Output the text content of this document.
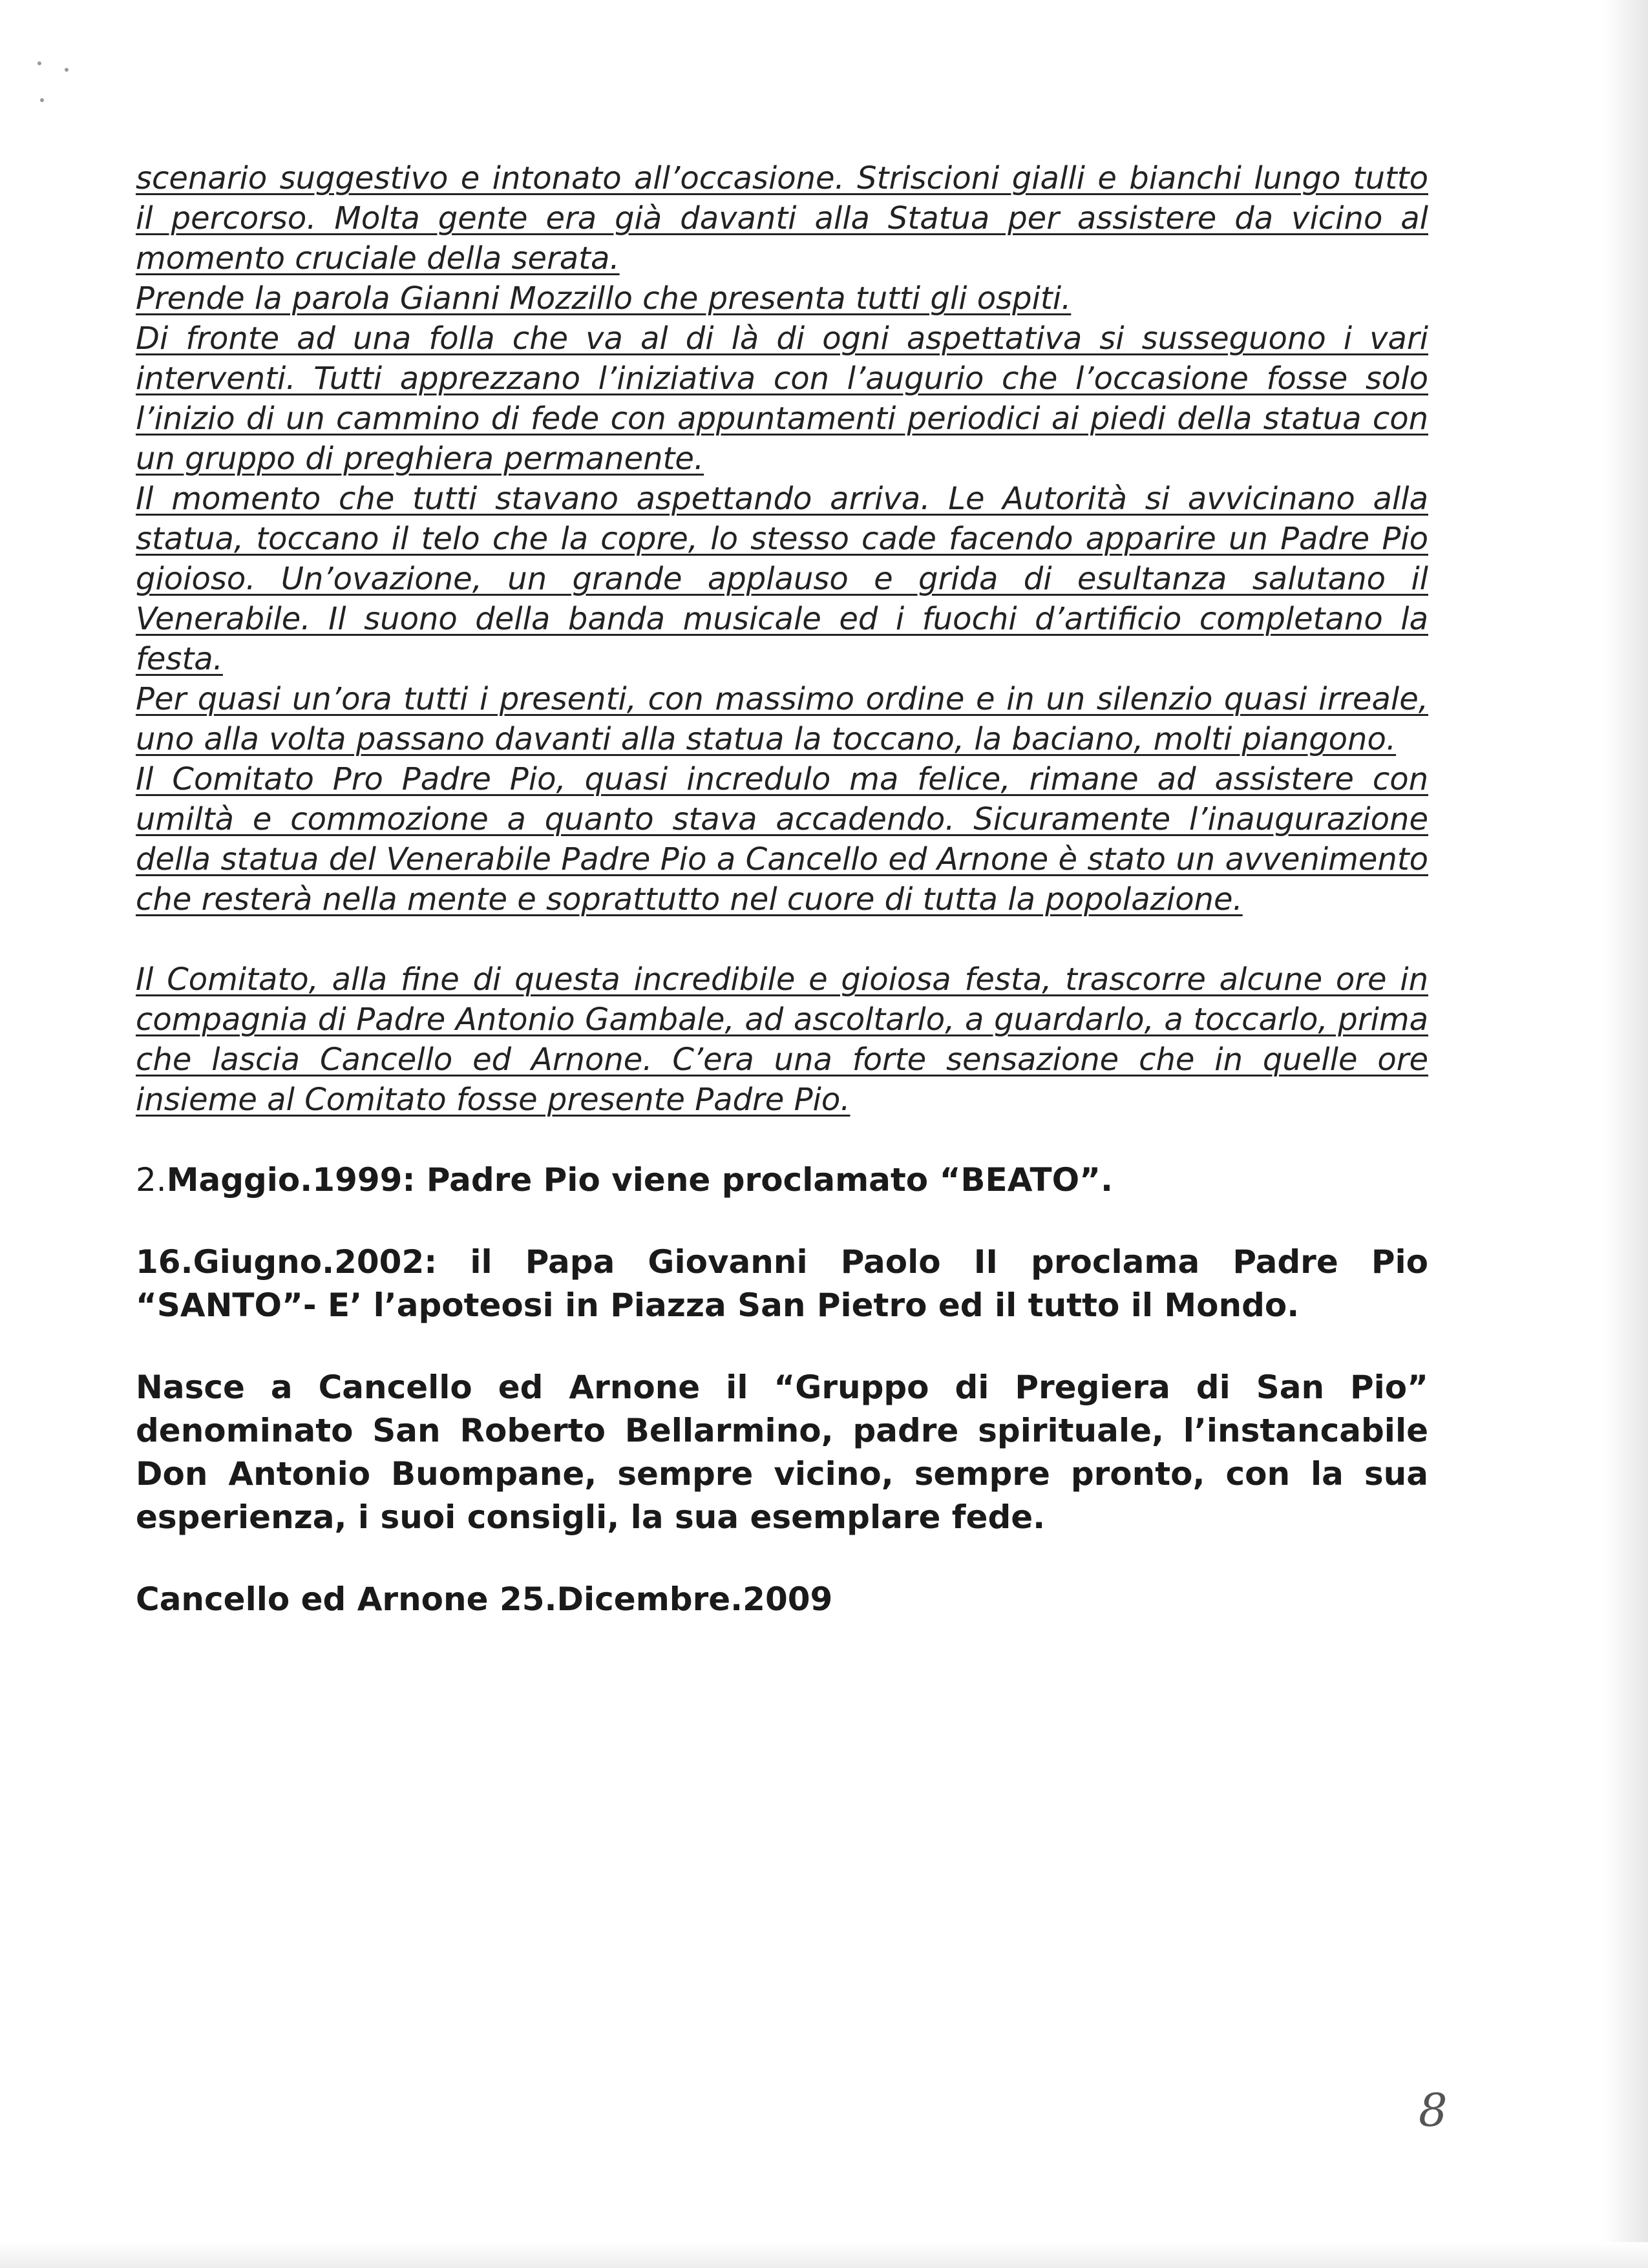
scenario suggestivo e intonato all’occasione. Striscioni gialli e bianchi lungo tutto il percorso. Molta gente era già davanti alla Statua per assistere da vicino al momento cruciale della serata.

Prende la parola Gianni Mozzillo che presenta tutti gli ospiti.

Di fronte ad una folla che va al di là di ogni aspettativa si susseguono i vari interventi. Tutti apprezzano l’iniziativa con l’augurio che l’occasione fosse solo l’inizio di un cammino di fede con appuntamenti periodici ai piedi della statua con un gruppo di preghiera permanente.

Il momento che tutti stavano aspettando arriva. Le Autorità si avvicinano alla statua, toccano il telo che la copre, lo stesso cade facendo apparire un Padre Pio gioioso. Un’ovazione, un grande applauso e grida di esultanza salutano il Venerabile. Il suono della banda musicale ed i fuochi d’artificio completano la festa.

Per quasi un’ora tutti i presenti, con massimo ordine e in un silenzio quasi irreale, uno alla volta passano davanti alla statua la toccano, la baciano, molti piangono.

Il Comitato Pro Padre Pio, quasi incredulo ma felice, rimane ad assistere con umiltà e commozione a quanto stava accadendo. Sicuramente l’inaugurazione della statua del Venerabile Padre Pio a Cancello ed Arnone è stato un avvenimento che resterà nella mente e soprattutto nel cuore di tutta la popolazione.

Il Comitato, alla fine di questa incredibile e gioiosa festa, trascorre alcune ore in compagnia di Padre Antonio Gambale, ad ascoltarlo, a guardarlo, a toccarlo, prima che lascia Cancello ed Arnone. C’era una forte sensazione che in quelle ore insieme al Comitato fosse presente Padre Pio.

2.Maggio.1999: Padre Pio viene proclamato “BEATO”.

16.Giugno.2002: il Papa Giovanni Paolo II proclama Padre Pio “SANTO”- E’ l’apoteosi in Piazza San Pietro ed il tutto il Mondo.

Nasce a Cancello ed Arnone il “Gruppo di Pregiera di San Pio” denominato San Roberto Bellarmino, padre spirituale, l’instancabile Don Antonio Buompane, sempre vicino, sempre pronto, con la sua esperienza, i suoi consigli, la sua esemplare fede.

Cancello ed Arnone 25.Dicembre.2009

8
